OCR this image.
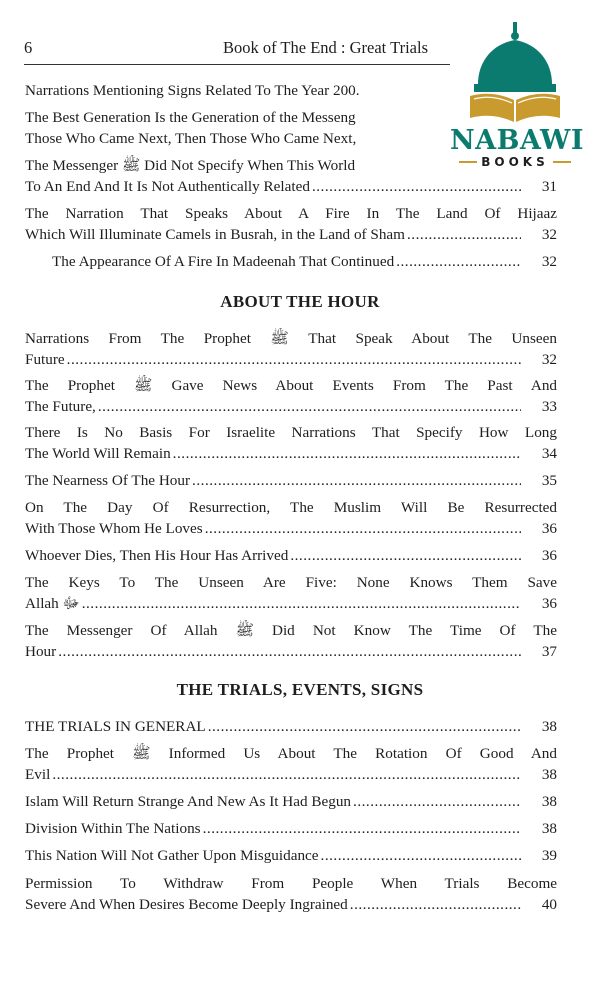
6	Book of The End : Great Trials
Narrations Mentioning Signs Related To The Year 200.
The Best Generation Is the Generation of the Messeng
Those Who Came Next, Then Those Who Came Next,
The Messenger ﷺ Did Not Specify When This World
To An End And It Is Not Authentically Related .....	31
The Narration That Speaks About A Fire In The Land Of Hijaaz
Which Will Illuminate Camels in Busrah, in the Land of Sham .....	32
The Appearance Of A Fire In Madeenah That Continued .....	32
ABOUT THE HOUR
Narrations From The Prophet ﷺ That Speak About The Unseen
Future .....	32
The Prophet ﷺ Gave News About Events From The Past And
The Future, .....	33
There Is No Basis For Israelite Narrations That Specify How Long
The World Will Remain .....	34
The Nearness Of The Hour .....	35
On The Day Of Resurrection, The Muslim Will Be Resurrected
With Those Whom He Loves .....	36
Whoever Dies, Then His Hour Has Arrived .....	36
The Keys To The Unseen Are Five: None Knows Them Save
Allah ﷻ .....	36
The Messenger Of Allah ﷺ Did Not Know The Time Of The
Hour .....	37
THE TRIALS, EVENTS, SIGNS
THE TRIALS IN GENERAL .....	38
The Prophet ﷺ Informed Us About The Rotation Of Good And
Evil .....	38
Islam Will Return Strange And New As It Had Begun .....	38
Division Within The Nations .....	38
This Nation Will Not Gather Upon Misguidance .....	39
Permission To Withdraw From People When Trials Become
Severe And When Desires Become Deeply Ingrained .....	40
NABAWI
BOOKS
